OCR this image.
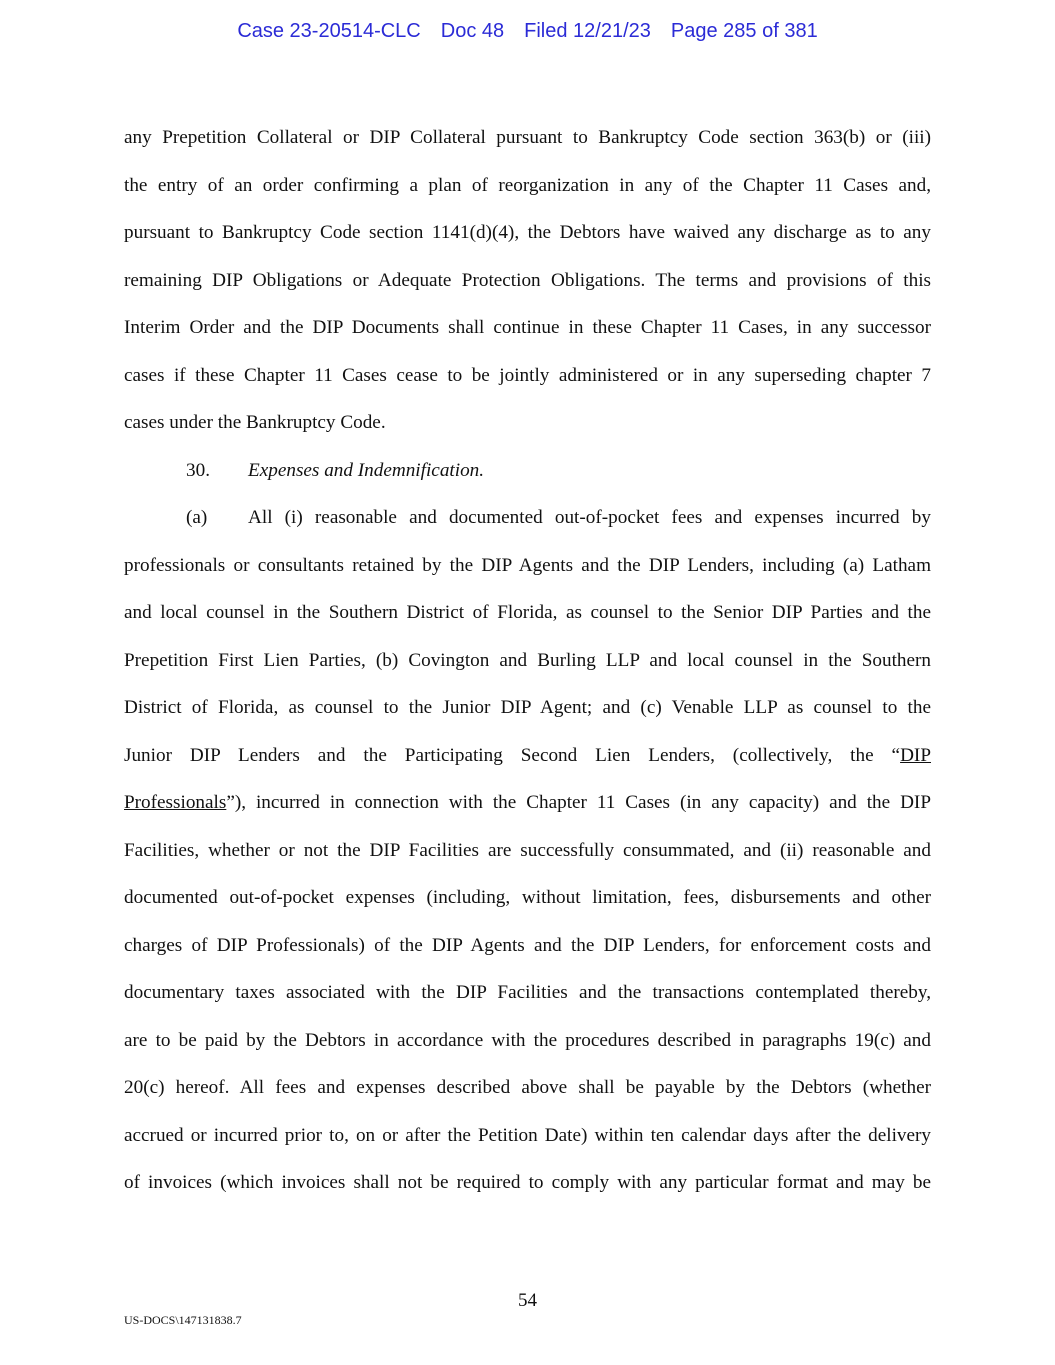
Case 23-20514-CLC Doc 48 Filed 12/21/23 Page 285 of 381

any Prepetition Collateral or DIP Collateral pursuant to Bankruptcy Code section 363(b) or (iii)
the entry of an order confirming a plan of reorganization in any of the Chapter 11 Cases and,
pursuant to Bankruptcy Code section 1141(d)(4), the Debtors have waived any discharge as to any
remaining DIP Obligations or Adequate Protection Obligations. The terms and provisions of this
Interim Order and the DIP Documents shall continue in these Chapter 11 Cases, in any successor
cases if these Chapter 11 Cases cease to be jointly administered or in any superseding chapter 7
cases under the Bankruptcy Code.

30. Expenses and Indemnification.

(a) All (i) reasonable and documented out-of-pocket fees and expenses incurred by
professionals or consultants retained by the DIP Agents and the DIP Lenders, including (a) Latham
and local counsel in the Southern District of Florida, as counsel to the Senior DIP Parties and the
Prepetition First Lien Parties, (b) Covington and Burling LLP and local counsel in the Southern
District of Florida, as counsel to the Junior DIP Agent; and (c) Venable LLP as counsel to the
Junior DIP Lenders and the Participating Second Lien Lenders, (collectively, the “DIP
Professionals”), incurred in connection with the Chapter 11 Cases (in any capacity) and the DIP
Facilities, whether or not the DIP Facilities are successfully consummated, and (ii) reasonable and
documented out-of-pocket expenses (including, without limitation, fees, disbursements and other
charges of DIP Professionals) of the DIP Agents and the DIP Lenders, for enforcement costs and
documentary taxes associated with the DIP Facilities and the transactions contemplated thereby,
are to be paid by the Debtors in accordance with the procedures described in paragraphs 19(c) and
20(c) hereof. All fees and expenses described above shall be payable by the Debtors (whether
accrued or incurred prior to, on or after the Petition Date) within ten calendar days after the delivery
of invoices (which invoices shall not be required to comply with any particular format and may be

54
US-DOCS\147131838.7
